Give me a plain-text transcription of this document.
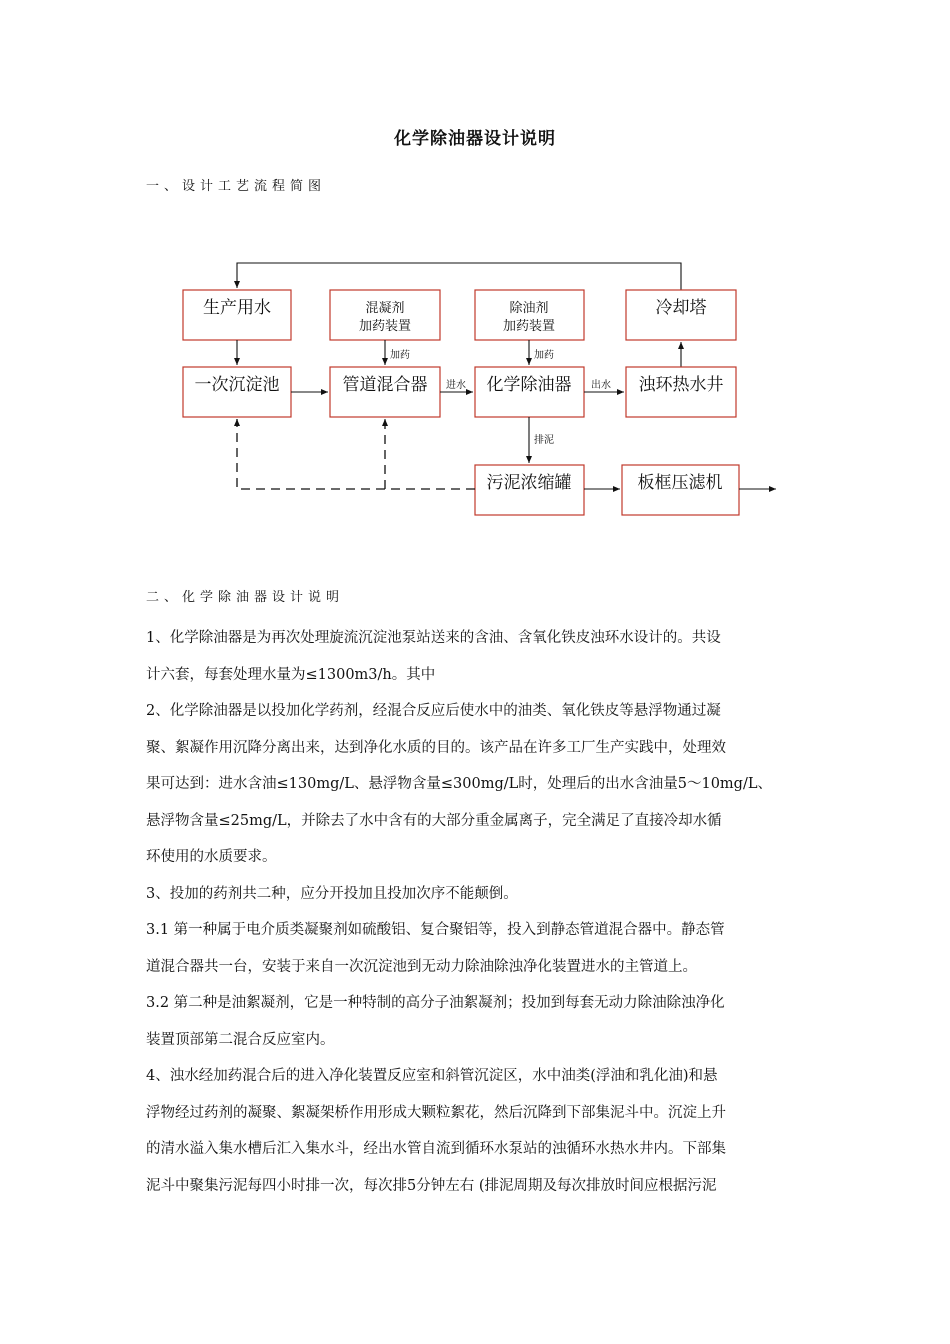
化学除油器设计说明
一、设计工艺流程简图
生产用水	混凝剂
加药装置
除油剂
加药装置
冷却塔
加药	加药
一次沉淀池	管道混合器	化学除油器	浊环热水井
进水	出水
排泥
污泥浓缩罐	板框压滤机
二、化学除油器设计说明
1、化学除油器是为再次处理旋流沉淀池泵站送来的含油、含氧化铁皮浊环水设计的。共设
计六套，每套处理水量为≤1300m3/h。其中
2、化学除油器是以投加化学药剂，经混合反应后使水中的油类、氧化铁皮等悬浮物通过凝
聚、絮凝作用沉降分离出来，达到净化水质的目的。该产品在许多工厂生产实践中，处理效
果可达到：进水含油≤130mg/L、悬浮物含量≤300mg/L时，处理后的出水含油量5～10mg/L、
悬浮物含量≤25mg/L，并除去了水中含有的大部分重金属离子，完全满足了直接冷却水循
环使用的水质要求。
3、投加的药剂共二种，应分开投加且投加次序不能颠倒。
3.1 第一种属于电介质类凝聚剂如硫酸铝、复合聚铝等，投入到静态管道混合器中。静态管
道混合器共一台，安装于来自一次沉淀池到无动力除油除浊净化装置进水的主管道上。
3.2 第二种是油絮凝剂，它是一种特制的高分子油絮凝剂；投加到每套无动力除油除浊净化
装置顶部第二混合反应室内。
4、浊水经加药混合后的进入净化装置反应室和斜管沉淀区，水中油类(浮油和乳化油)和悬
浮物经过药剂的凝聚、絮凝架桥作用形成大颗粒絮花，然后沉降到下部集泥斗中。沉淀上升
的清水溢入集水槽后汇入集水斗，经出水管自流到循环水泵站的浊循环水热水井内。下部集
泥斗中聚集污泥每四小时排一次，每次排5分钟左右 (排泥周期及每次排放时间应根据污泥
